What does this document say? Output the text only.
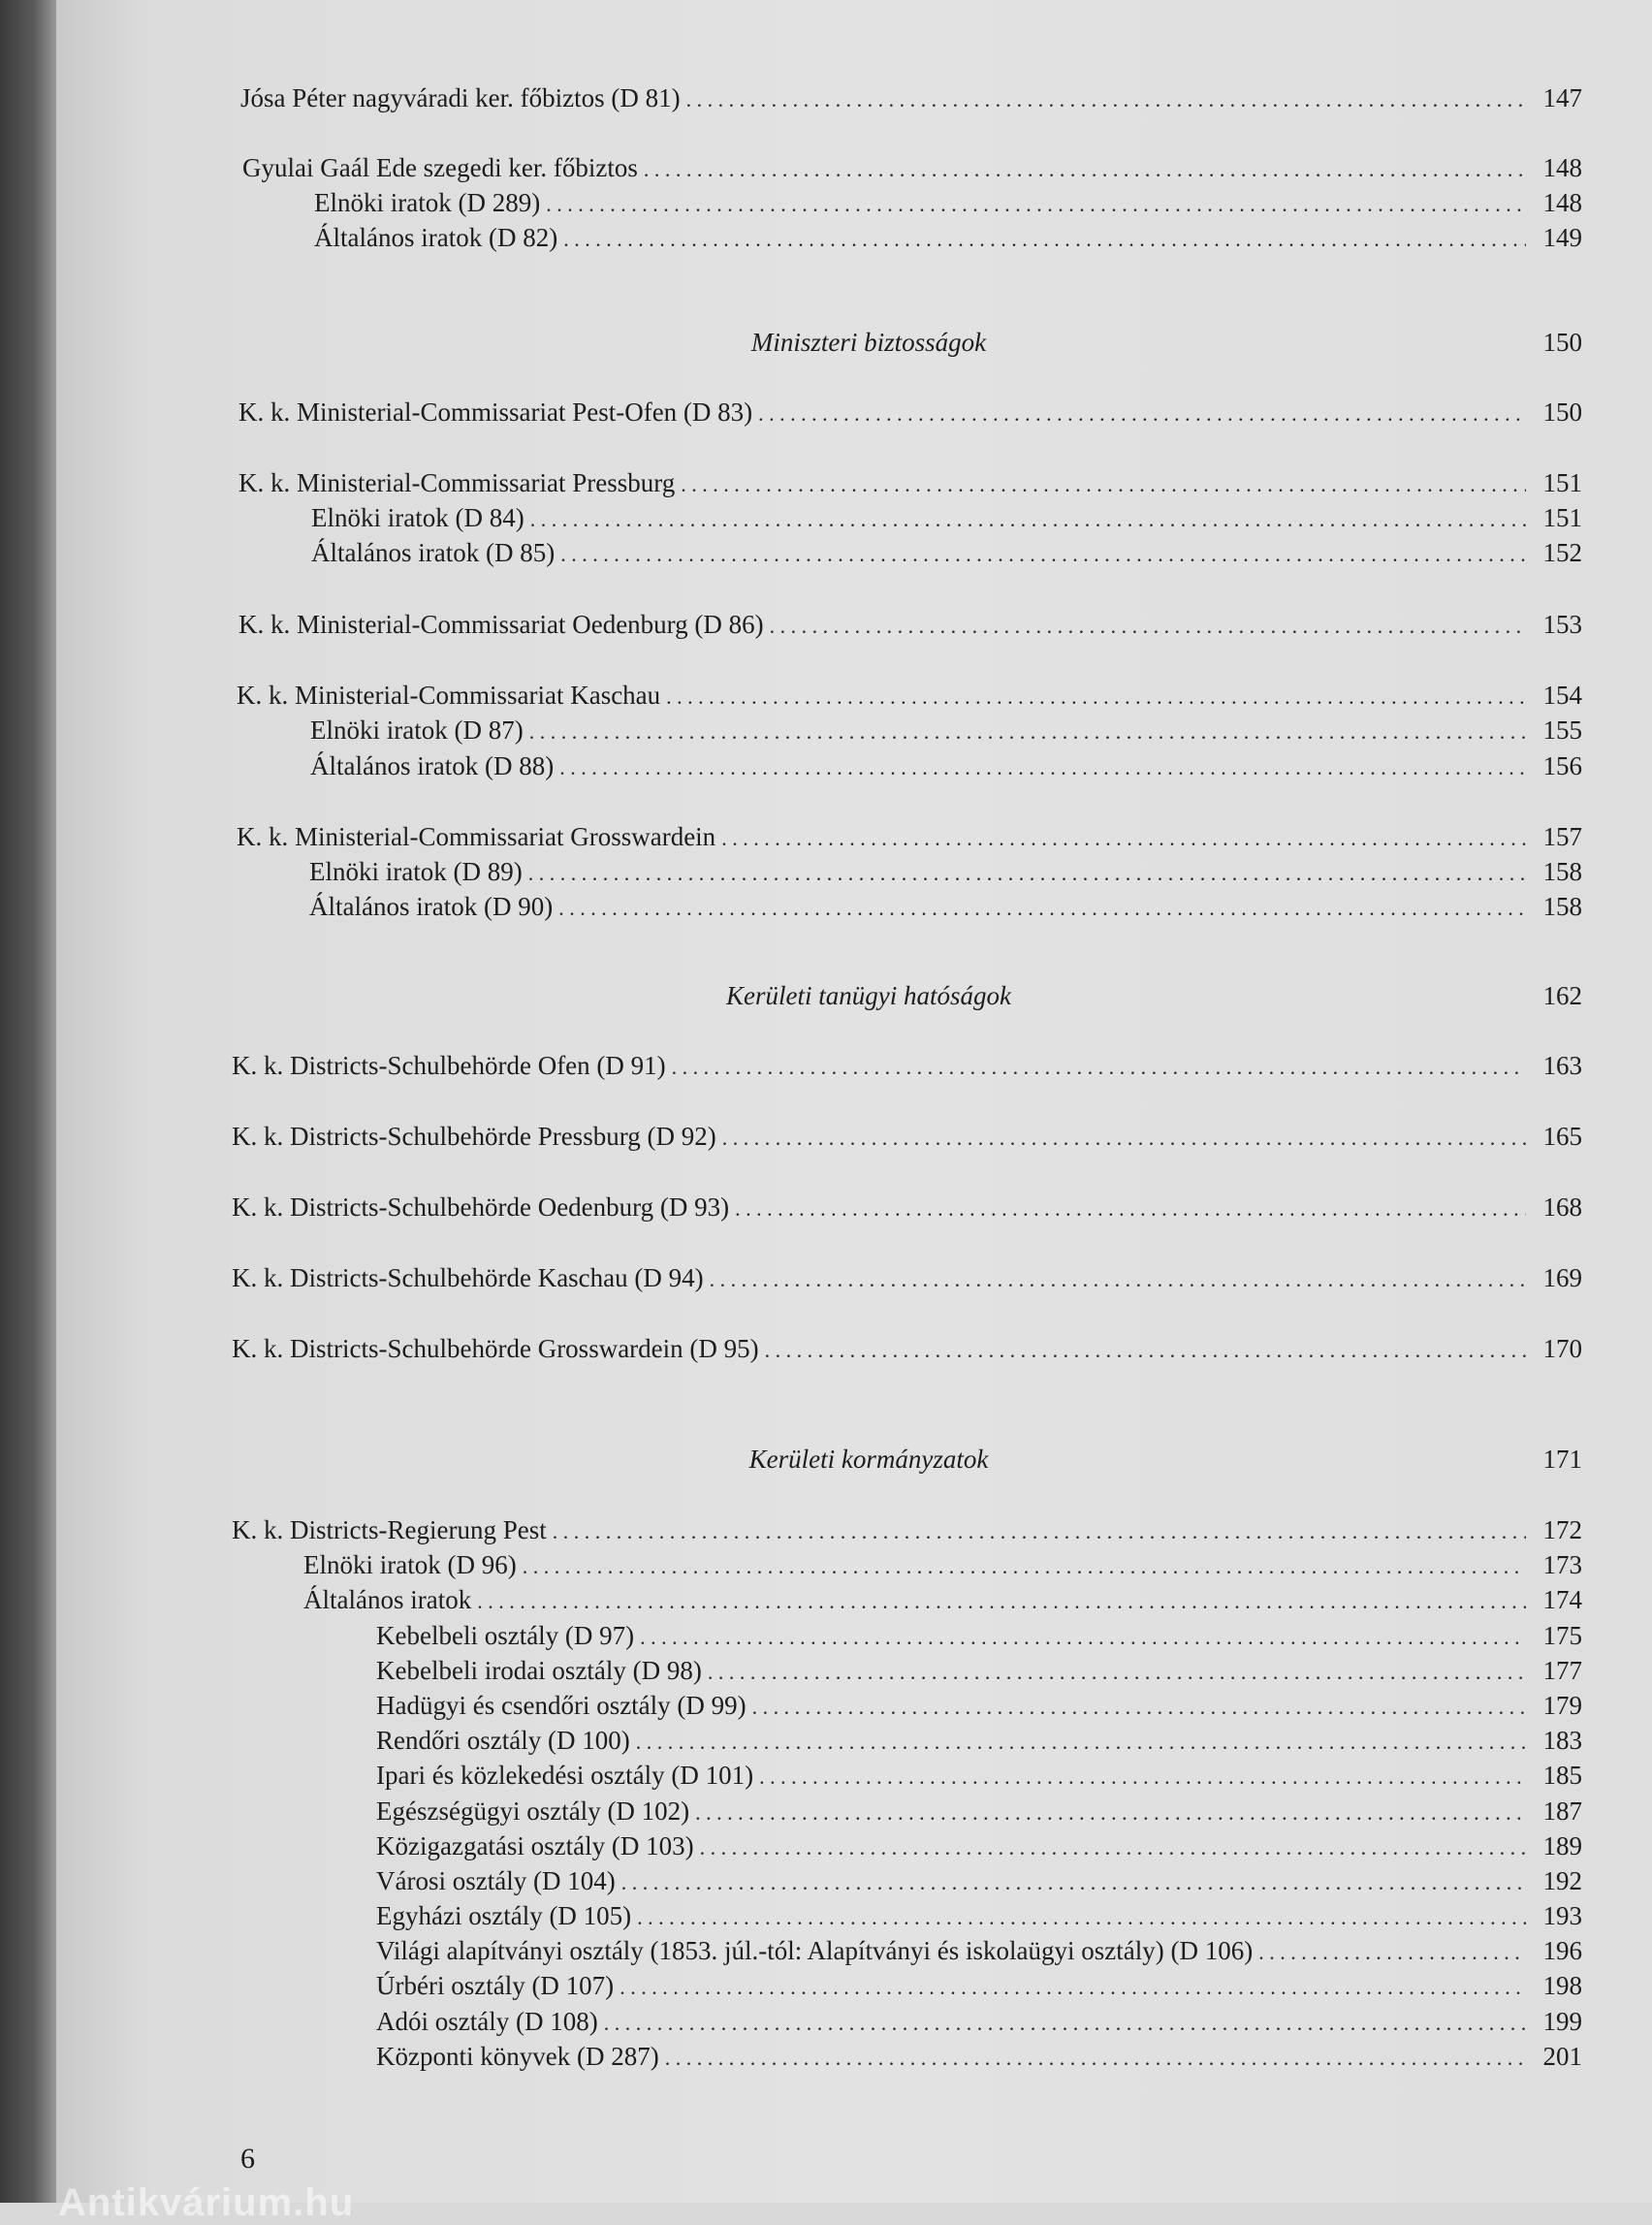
Jósa Péter nagyváradi ker. főbiztos (D 81) . . .	147
Gyulai Gaál Ede szegedi ker. főbiztos . . .	148
Elnöki iratok (D 289) . . .	148
Általános iratok (D 82) . . .	149
Miniszteri biztosságok	150
K. k. Ministerial-Commissariat Pest-Ofen (D 83) . . .	150
K. k. Ministerial-Commissariat Pressburg . . .	151
Elnöki iratok (D 84) . . .	151
Általános iratok (D 85) . . .	152
K. k. Ministerial-Commissariat Oedenburg (D 86) . . .	153
K. k. Ministerial-Commissariat Kaschau . . .	154
Elnöki iratok (D 87) . . .	155
Általános iratok (D 88) . . .	156
K. k. Ministerial-Commissariat Grosswardein . . .	157
Elnöki iratok (D 89) . . .	158
Általános iratok (D 90) . . .	158
Kerületi tanügyi hatóságok	162
K. k. Districts-Schulbehörde Ofen (D 91) . . .	163
K. k. Districts-Schulbehörde Pressburg (D 92) . . .	165
K. k. Districts-Schulbehörde Oedenburg (D 93) . . .	168
K. k. Districts-Schulbehörde Kaschau (D 94) . . .	169
K. k. Districts-Schulbehörde Grosswardein (D 95) . . .	170
Kerületi kormányzatok	171
K. k. Districts-Regierung Pest . . .	172
Elnöki iratok (D 96) . . .	173
Általános iratok . . .	174
Kebelbeli osztály (D 97) . . .	175
Kebelbeli irodai osztály (D 98) . . .	177
Hadügyi és csendőri osztály (D 99) . . .	179
Rendőri osztály (D 100) . . .	183
Ipari és közlekedési osztály (D 101) . . .	185
Egészségügyi osztály (D 102) . . .	187
Közigazgatási osztály (D 103) . . .	189
Városi osztály (D 104) . . .	192
Egyházi osztály (D 105) . . .	193
Világi alapítványi osztály (1853. júl.-tól: Alapítványi és iskolaügyi osztály) (D 106) . . .	196
Úrbéri osztály (D 107) . . .	198
Adói osztály (D 108) . . .	199
Központi könyvek (D 287) . . .	201
6
Antikvárium.hu
